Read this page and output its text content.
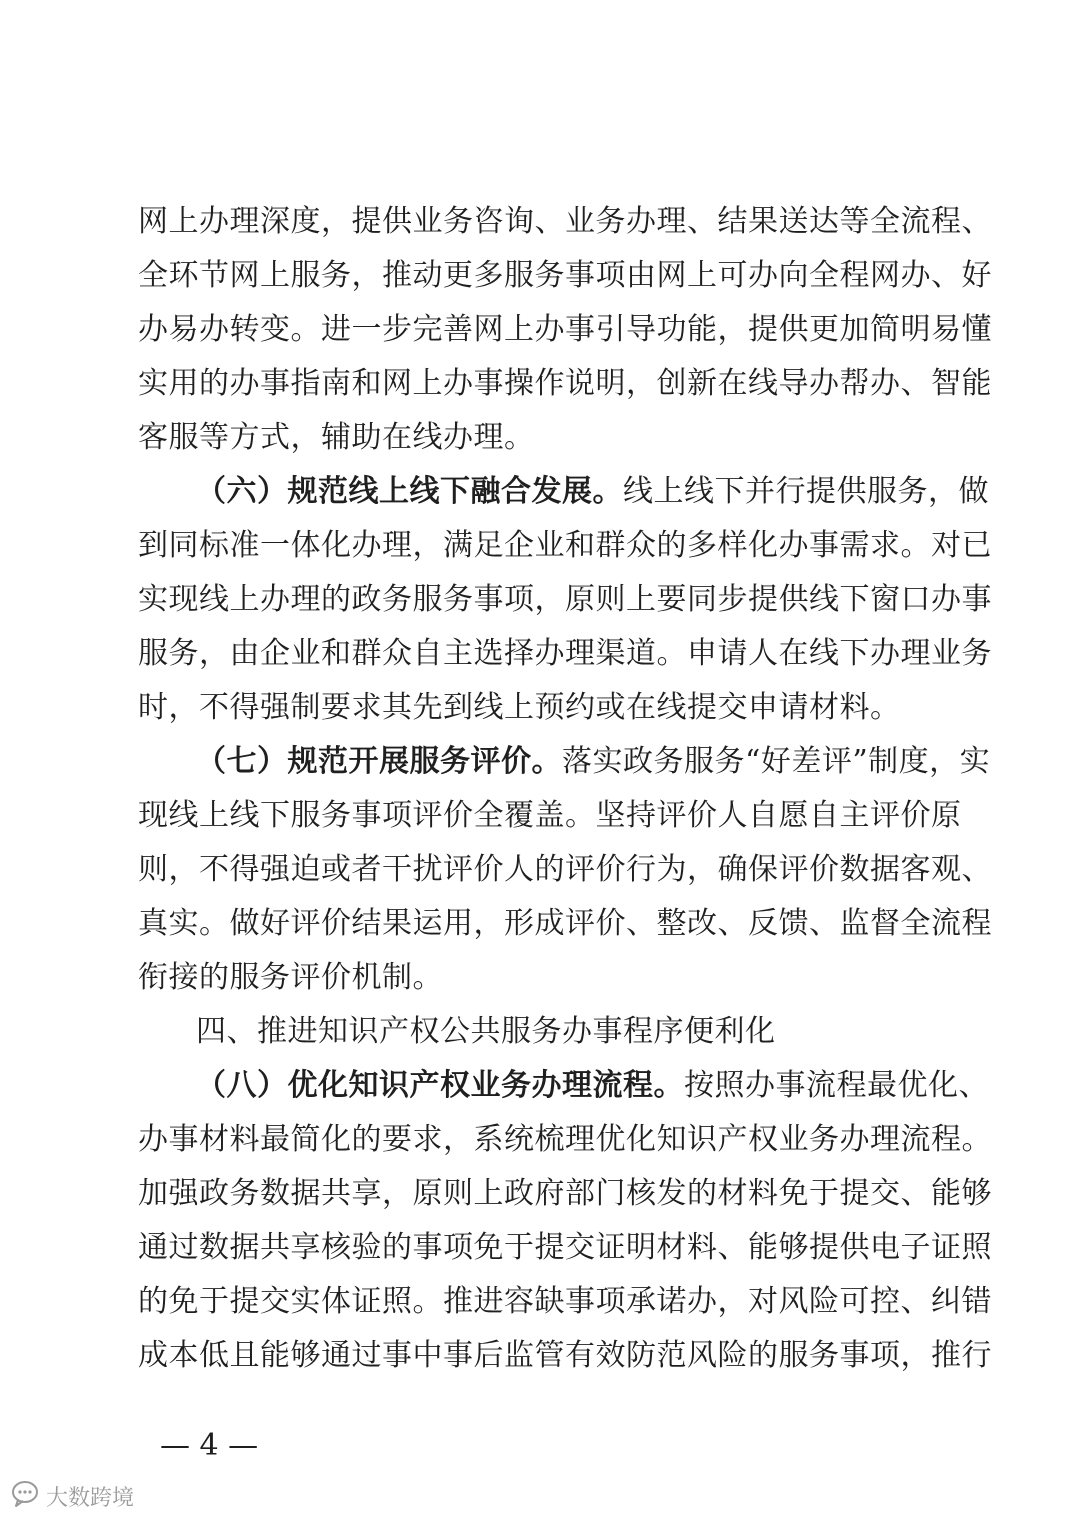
网上办理深度，提供业务咨询、业务办理、结果送达等全流程、
全环节网上服务，推动更多服务事项由网上可办向全程网办、好
办易办转变。进一步完善网上办事引导功能，提供更加简明易懂
实用的办事指南和网上办事操作说明，创新在线导办帮办、智能
客服等方式，辅助在线办理。
（六）规范线上线下融合发展。线上线下并行提供服务，做
到同标准一体化办理，满足企业和群众的多样化办事需求。对已
实现线上办理的政务服务事项，原则上要同步提供线下窗口办事
服务，由企业和群众自主选择办理渠道。申请人在线下办理业务
时，不得强制要求其先到线上预约或在线提交申请材料。
（七）规范开展服务评价。落实政务服务“好差评”制度，实
现线上线下服务事项评价全覆盖。坚持评价人自愿自主评价原
则，不得强迫或者干扰评价人的评价行为，确保评价数据客观、
真实。做好评价结果运用，形成评价、整改、反馈、监督全流程
衔接的服务评价机制。
四、推进知识产权公共服务办事程序便利化
（八）优化知识产权业务办理流程。按照办事流程最优化、
办事材料最简化的要求，系统梳理优化知识产权业务办理流程。
加强政务数据共享，原则上政府部门核发的材料免于提交、能够
通过数据共享核验的事项免于提交证明材料、能够提供电子证照
的免于提交实体证照。推进容缺事项承诺办，对风险可控、纠错
成本低且能够通过事中事后监管有效防范风险的服务事项，推行
— 4 —
大数跨境
